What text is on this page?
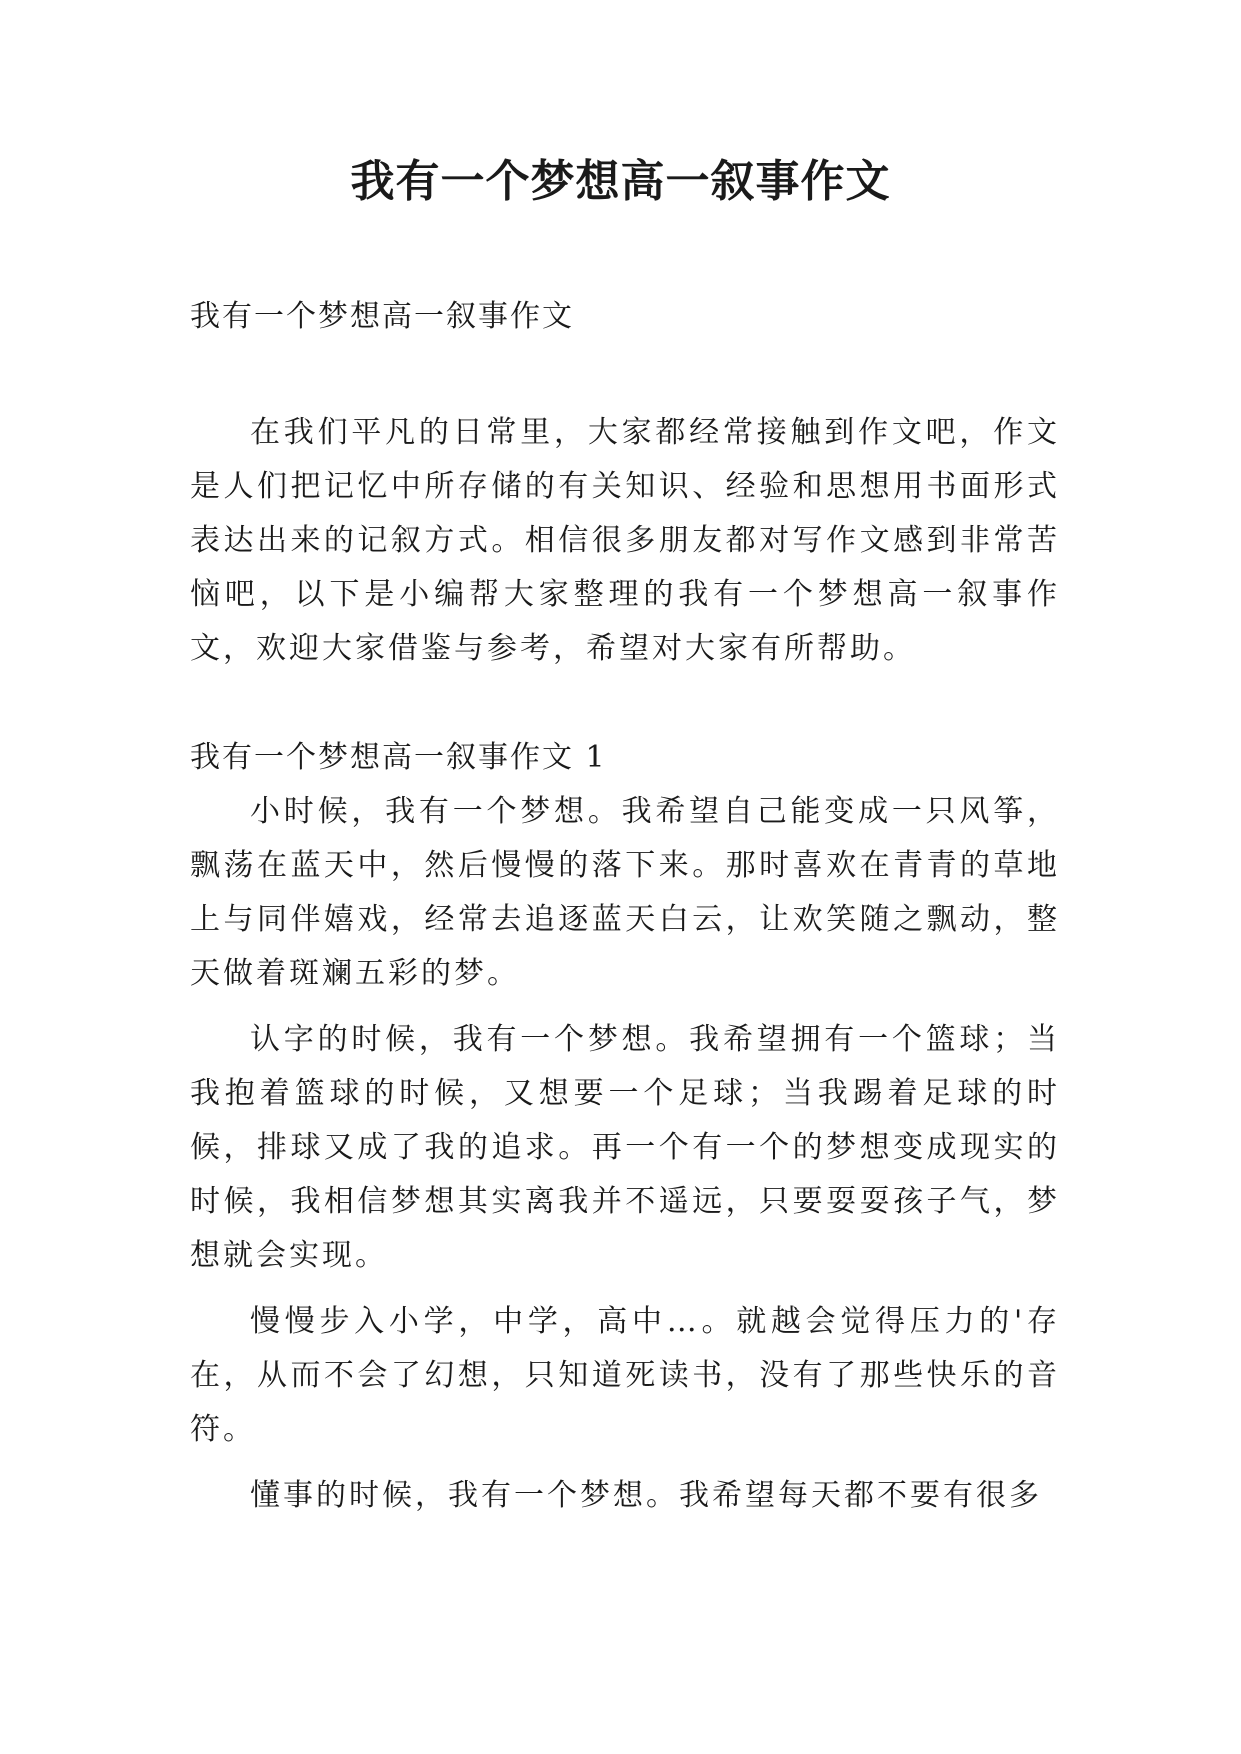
我有一个梦想高一叙事作文

我有一个梦想高一叙事作文

在我们平凡的日常里，大家都经常接触到作文吧，作文是人们把记忆中所存储的有关知识、经验和思想用书面形式表达出来的记叙方式。相信很多朋友都对写作文感到非常苦恼吧，以下是小编帮大家整理的我有一个梦想高一叙事作文，欢迎大家借鉴与参考，希望对大家有所帮助。

我有一个梦想高一叙事作文 1

小时候，我有一个梦想。我希望自己能变成一只风筝，飘荡在蓝天中，然后慢慢的落下来。那时喜欢在青青的草地上与同伴嬉戏，经常去追逐蓝天白云，让欢笑随之飘动，整天做着斑斓五彩的梦。

认字的时候，我有一个梦想。我希望拥有一个篮球；当我抱着篮球的时候，又想要一个足球；当我踢着足球的时候，排球又成了我的追求。再一个有一个的梦想变成现实的时候，我相信梦想其实离我并不遥远，只要耍耍孩子气，梦想就会实现。

慢慢步入小学，中学，高中…。就越会觉得压力的'存在，从而不会了幻想，只知道死读书，没有了那些快乐的音符。

懂事的时候，我有一个梦想。我希望每天都不要有很多
